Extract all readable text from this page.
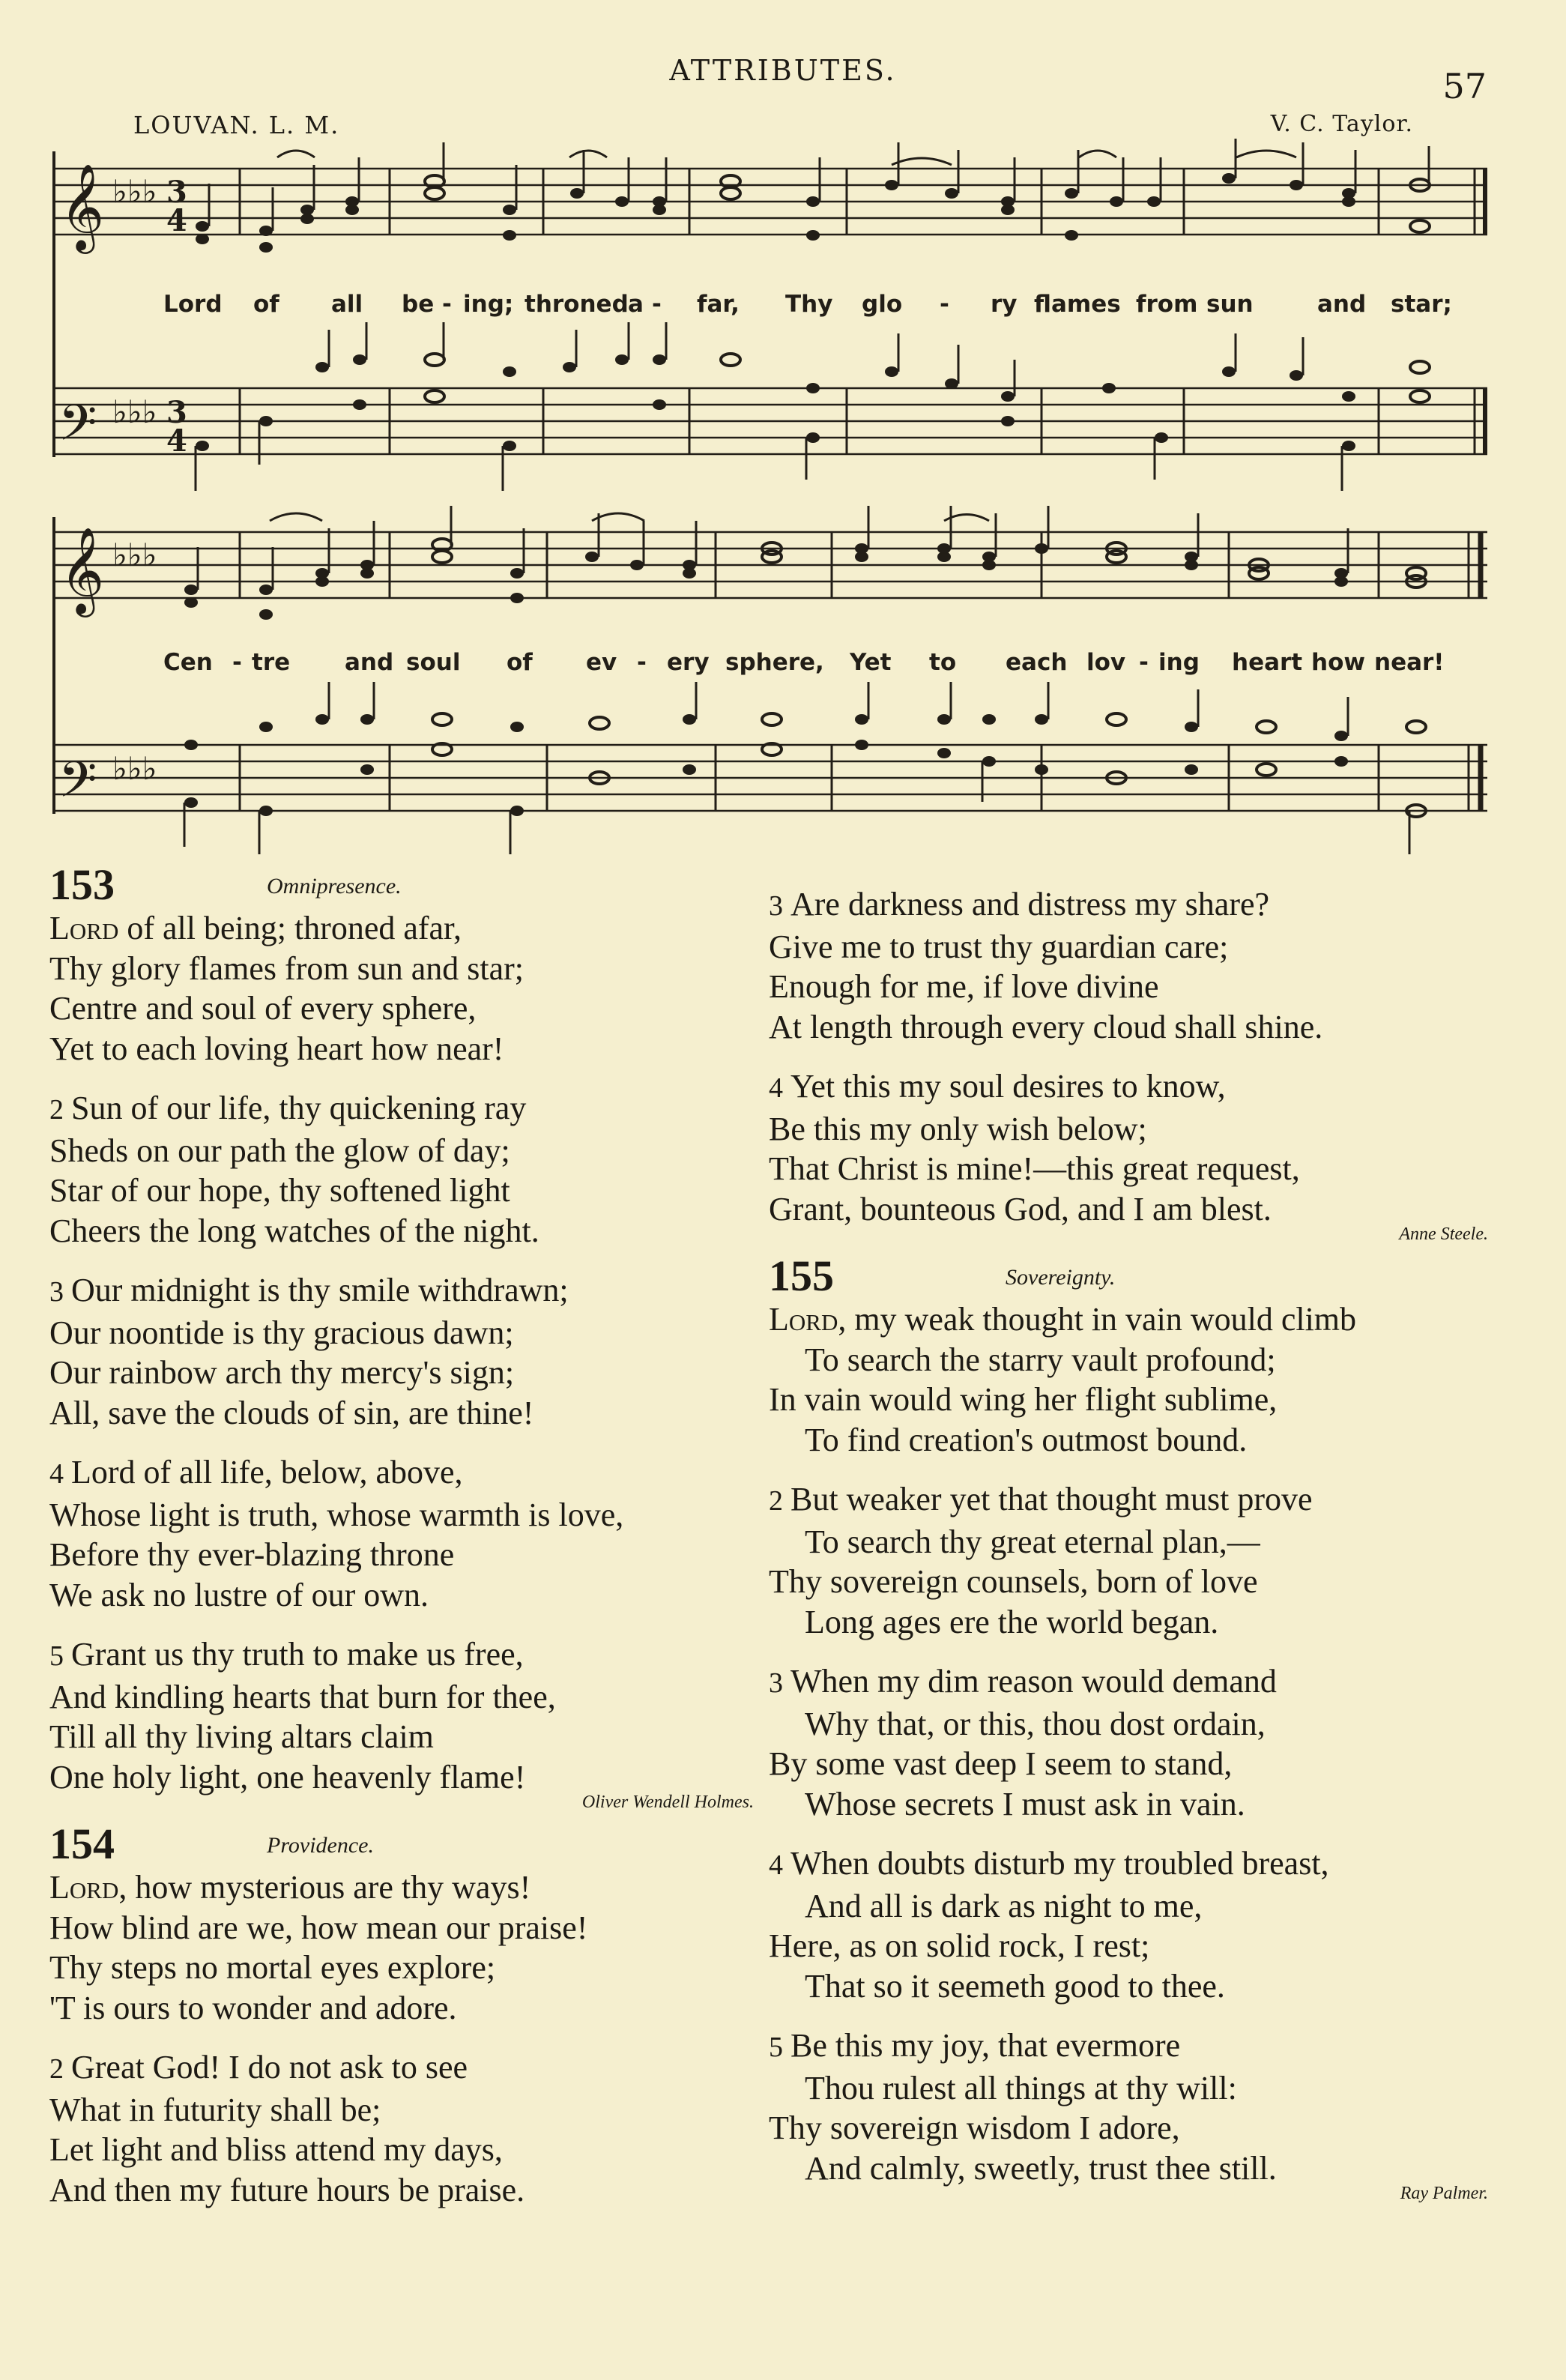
ATTRIBUTES.	57
LOUVAN. L. M.	V. C. Taylor.
𝄞 ♭♭♭ 3
4
𝄢 ♭♭♭ 3
4
Lord of all be - ing; throned a - far, Thy glo - ry flames from sun	and star;
𝄞 ♭♭♭
𝄢 ♭♭♭
Cen - tre and soul of ev - ery sphere, Yet to each lov - ing heart how near!
153	Omnipresence.
Lord of all being; throned afar,
Thy glory flames from sun and star;
Centre and soul of every sphere,
Yet to each loving heart how near!
2 Sun of our life, thy quickening ray
Sheds on our path the glow of day;
Star of our hope, thy softened light
Cheers the long watches of the night.
3 Our midnight is thy smile withdrawn;
Our noontide is thy gracious dawn;
Our rainbow arch thy mercy's sign;
All, save the clouds of sin, are thine!
4 Lord of all life, below, above,
Whose light is truth, whose warmth is love,
Before thy ever-blazing throne
We ask no lustre of our own.
5 Grant us thy truth to make us free,
And kindling hearts that burn for thee,
Till all thy living altars claim
One holy light, one heavenly flame!
Oliver Wendell Holmes.
154	Providence.
Lord, how mysterious are thy ways!
How blind are we, how mean our praise!
Thy steps no mortal eyes explore;
'T is ours to wonder and adore.
2 Great God! I do not ask to see
What in futurity shall be;
Let light and bliss attend my days,
And then my future hours be praise.
3 Are darkness and distress my share?
Give me to trust thy guardian care;
Enough for me, if love divine
At length through every cloud shall shine.
4 Yet this my soul desires to know,
Be this my only wish below;
That Christ is mine!—this great request,
Grant, bounteous God, and I am blest.
Anne Steele.
155	Sovereignty.
Lord, my weak thought in vain would climb
To search the starry vault profound;
In vain would wing her flight sublime,
To find creation's outmost bound.
2 But weaker yet that thought must prove
To search thy great eternal plan,—
Thy sovereign counsels, born of love
Long ages ere the world began.
3 When my dim reason would demand
Why that, or this, thou dost ordain,
By some vast deep I seem to stand,
Whose secrets I must ask in vain.
4 When doubts disturb my troubled breast,
And all is dark as night to me,
Here, as on solid rock, I rest;
That so it seemeth good to thee.
5 Be this my joy, that evermore
Thou rulest all things at thy will:
Thy sovereign wisdom I adore,
And calmly, sweetly, trust thee still.
Ray Palmer.
